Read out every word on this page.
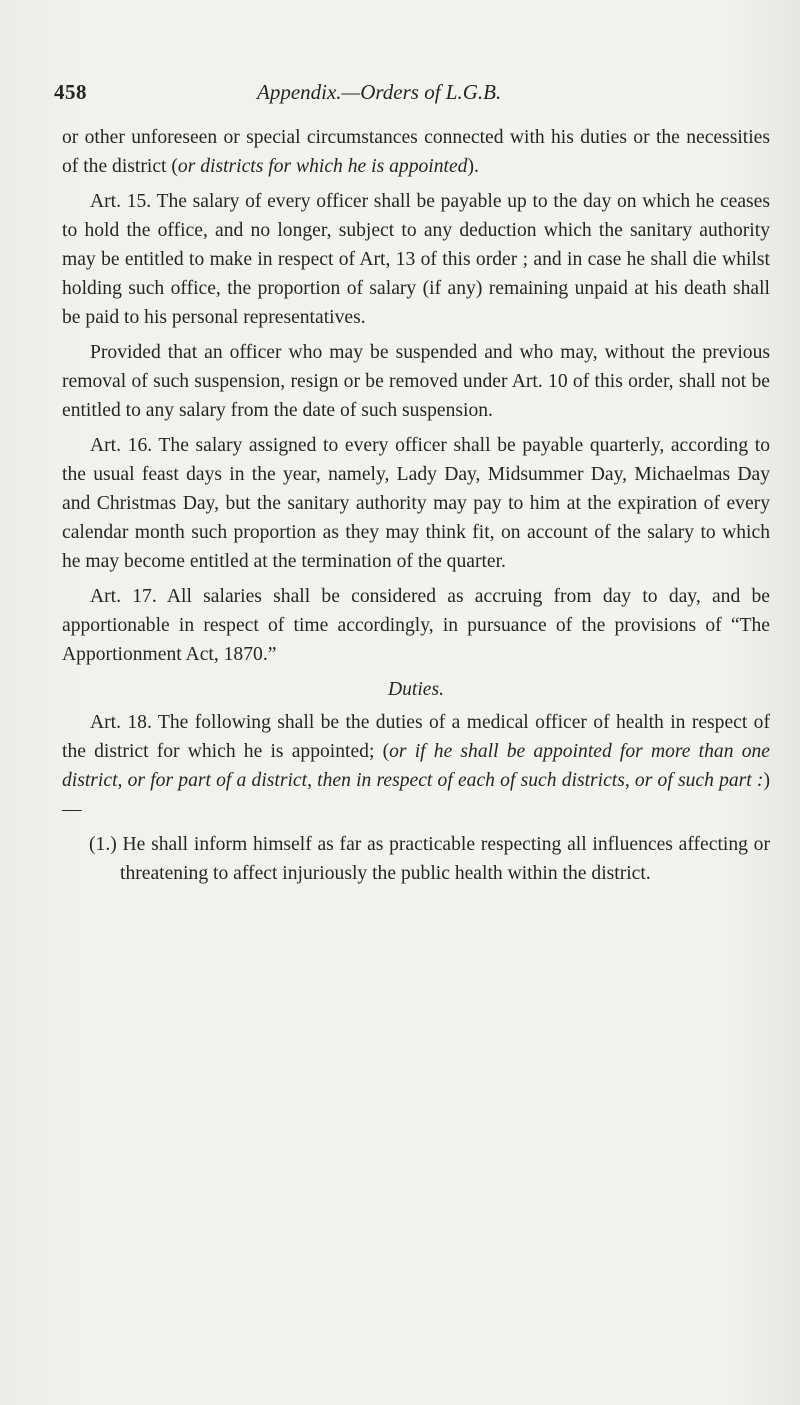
458	Appendix.—Orders of L.G.B.

or other unforeseen or special circumstances connected with his duties or the necessities of the district (or districts for which he is appointed).

Art. 15. The salary of every officer shall be payable up to the day on which he ceases to hold the office, and no longer, subject to any deduction which the sanitary authority may be entitled to make in respect of Art, 13 of this order ; and in case he shall die whilst holding such office, the proportion of salary (if any) remaining unpaid at his death shall be paid to his personal representatives.

Provided that an officer who may be suspended and who may, without the previous removal of such suspension, resign or be removed under Art. 10 of this order, shall not be entitled to any salary from the date of such suspension.

Art. 16. The salary assigned to every officer shall be payable quarterly, according to the usual feast days in the year, namely, Lady Day, Midsummer Day, Michaelmas Day and Christmas Day, but the sanitary authority may pay to him at the expiration of every calendar month such proportion as they may think fit, on account of the salary to which he may become entitled at the termination of the quarter.

Art. 17. All salaries shall be considered as accruing from day to day, and be apportionable in respect of time accordingly, in pursuance of the provisions of “The Apportionment Act, 1870.”

Duties.

Art. 18. The following shall be the duties of a medical officer of health in respect of the district for which he is appointed; (or if he shall be appointed for more than one district, or for part of a district, then in respect of each of such districts, or of such part :)—

(1.) He shall inform himself as far as practicable respecting all influences affecting or threatening to affect injuriously the public health within the district.
